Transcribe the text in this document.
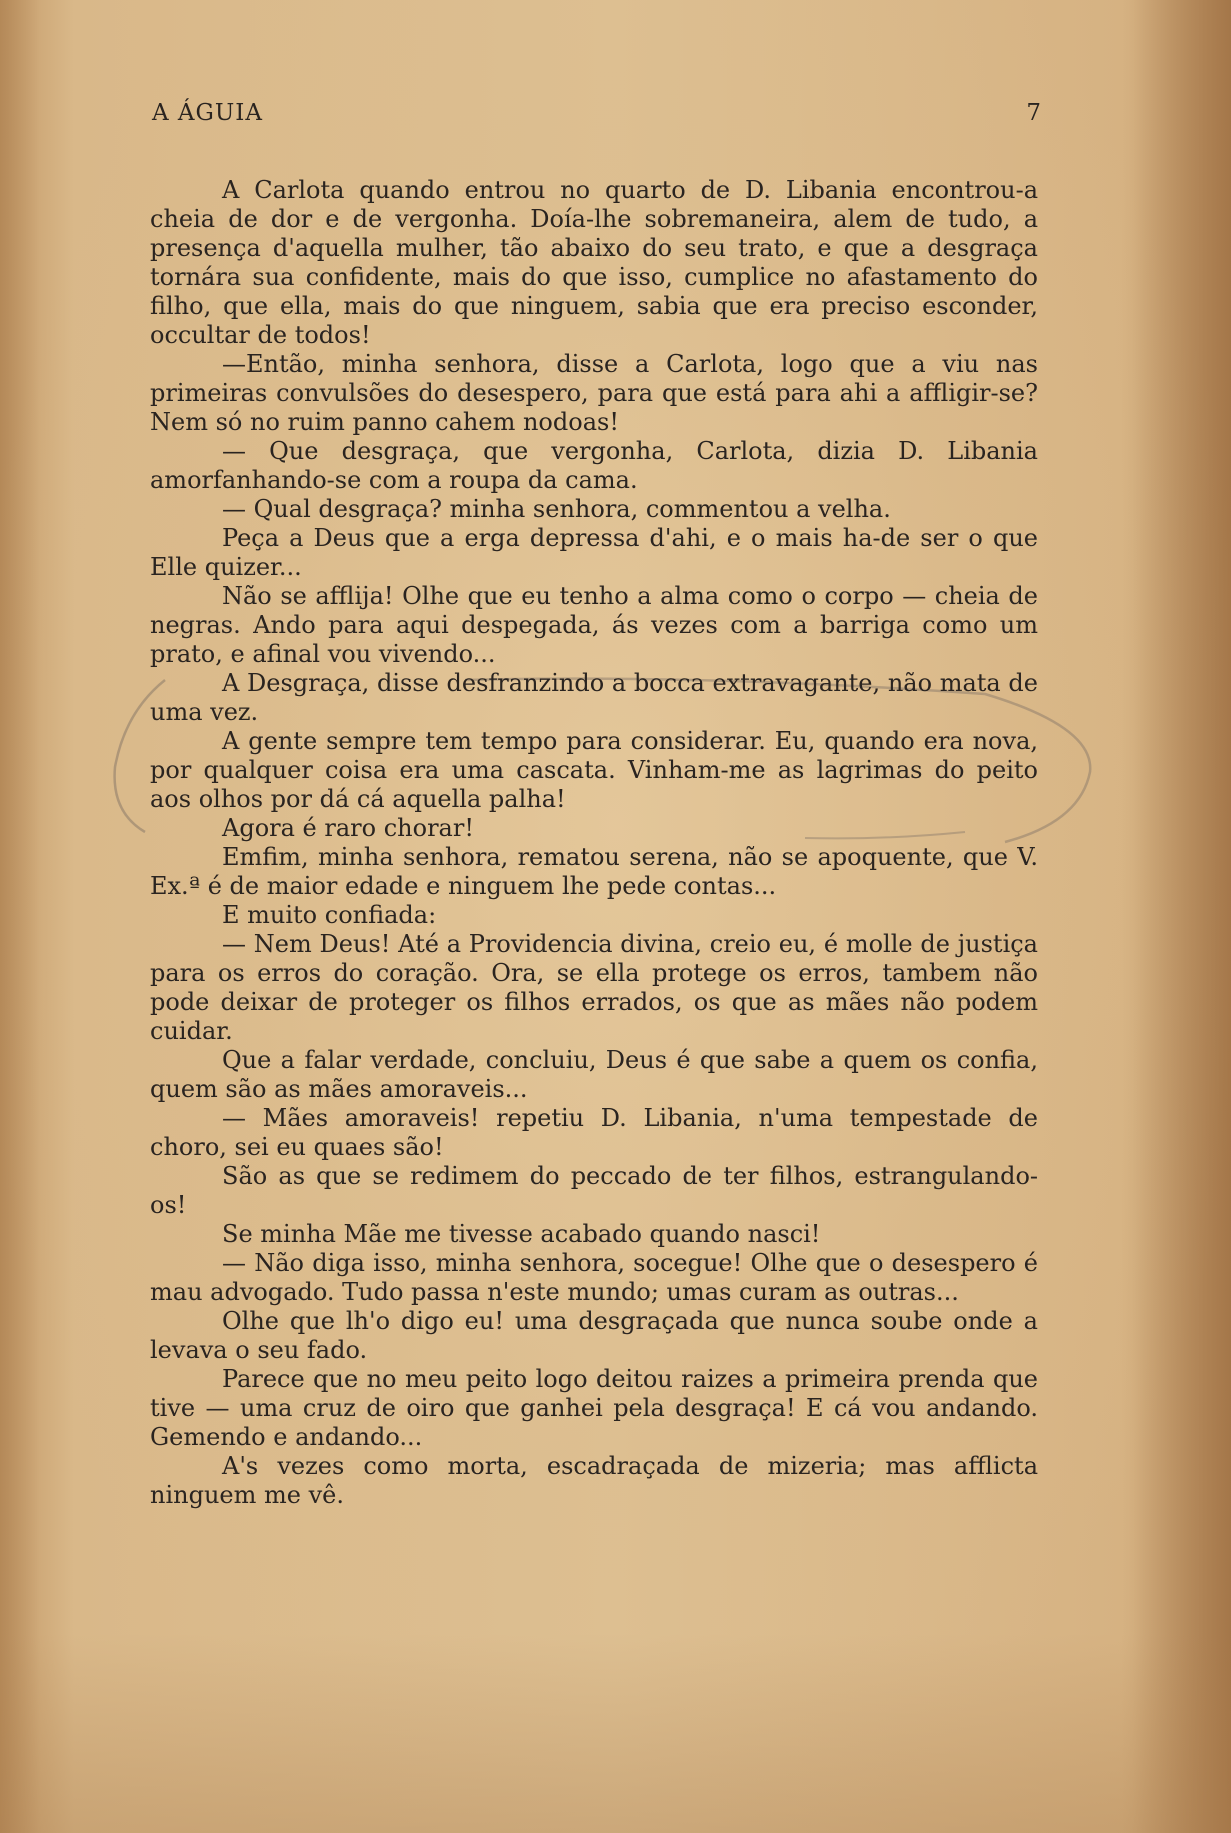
A ÁGUIA	7

A Carlota quando entrou no quarto de D. Libania encontrou-a cheia de dor e de vergonha. Doía-lhe sobremaneira, alem de tudo, a presença d'aquella mulher, tão abaixo do seu trato, e que a desgraça tornára sua confidente, mais do que isso, cumplice no afastamento do filho, que ella, mais do que ninguem, sabia que era preciso esconder, occultar de todos!

—Então, minha senhora, disse a Carlota, logo que a viu nas primeiras convulsões do desespero, para que está para ahi a affligir-se? Nem só no ruim panno cahem nodoas!

— Que desgraça, que vergonha, Carlota, dizia D. Libania amorfanhando-se com a roupa da cama.

— Qual desgraça? minha senhora, commentou a velha.

Peça a Deus que a erga depressa d'ahi, e o mais ha-de ser o que Elle quizer...

Não se afflija! Olhe que eu tenho a alma como o corpo — cheia de negras. Ando para aqui despegada, ás vezes com a barriga como um prato, e afinal vou vivendo...

A Desgraça, disse desfranzindo a bocca extravagante, não mata de uma vez.

A gente sempre tem tempo para considerar. Eu, quando era nova, por qualquer coisa era uma cascata. Vinham-me as lagrimas do peito aos olhos por dá cá aquella palha!

Agora é raro chorar!

Emfim, minha senhora, rematou serena, não se apoquente, que V. Ex.ª é de maior edade e ninguem lhe pede contas...

E muito confiada:

— Nem Deus! Até a Providencia divina, creio eu, é molle de justiça para os erros do coração. Ora, se ella protege os erros, tambem não pode deixar de proteger os filhos errados, os que as mães não podem cuidar.

Que a falar verdade, concluiu, Deus é que sabe a quem os confia, quem são as mães amoraveis...

— Mães amoraveis! repetiu D. Libania, n'uma tempestade de choro, sei eu quaes são!

São as que se redimem do peccado de ter filhos, estrangulando-os!

Se minha Mãe me tivesse acabado quando nasci!

— Não diga isso, minha senhora, socegue! Olhe que o desespero é mau advogado. Tudo passa n'este mundo; umas curam as outras...

Olhe que lh'o digo eu! uma desgraçada que nunca soube onde a levava o seu fado.

Parece que no meu peito logo deitou raizes a primeira prenda que tive — uma cruz de oiro que ganhei pela desgraça! E cá vou andando. Gemendo e andando...

A's vezes como morta, escadraçada de mizeria; mas afflicta ninguem me vê.
